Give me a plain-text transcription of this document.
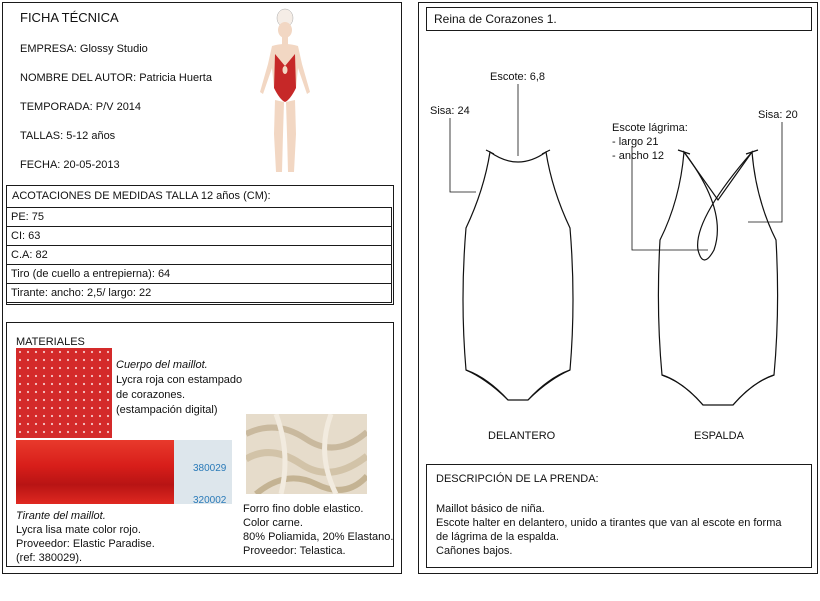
FICHA TÉCNICA
EMPRESA: Glossy Studio
NOMBRE DEL AUTOR: Patricia Huerta
TEMPORADA: P/V 2014
TALLAS: 5-12 años
FECHA: 20-05-2013
ACOTACIONES DE MEDIDAS TALLA 12 años (CM):
PE: 75
CI: 63
C.A: 82
Tiro (de cuello a entrepierna): 64
Tirante: ancho: 2,5/ largo: 22
MATERIALES
Cuerpo del maillot.
Lycra roja con estampado
de corazones.
(estampación digital)
380029
320002
Tirante del maillot.
Lycra lisa mate color rojo.
Proveedor: Elastic Paradise.
(ref: 380029).
Forro fino doble elastico.
Color carne.
80% Poliamida, 20% Elastano.
Proveedor: Telastica.
Reina de Corazones 1.
Escote: 6,8
Sisa: 24	Sisa: 20
Escote lágrima:
- largo 21
- ancho 12
DELANTERO	ESPALDA
DESCRIPCIÓN DE LA PRENDA:
Maillot básico de niña.
Escote halter en delantero, unido a tirantes que van al escote en forma
de lágrima de la espalda.
Cañones bajos.
